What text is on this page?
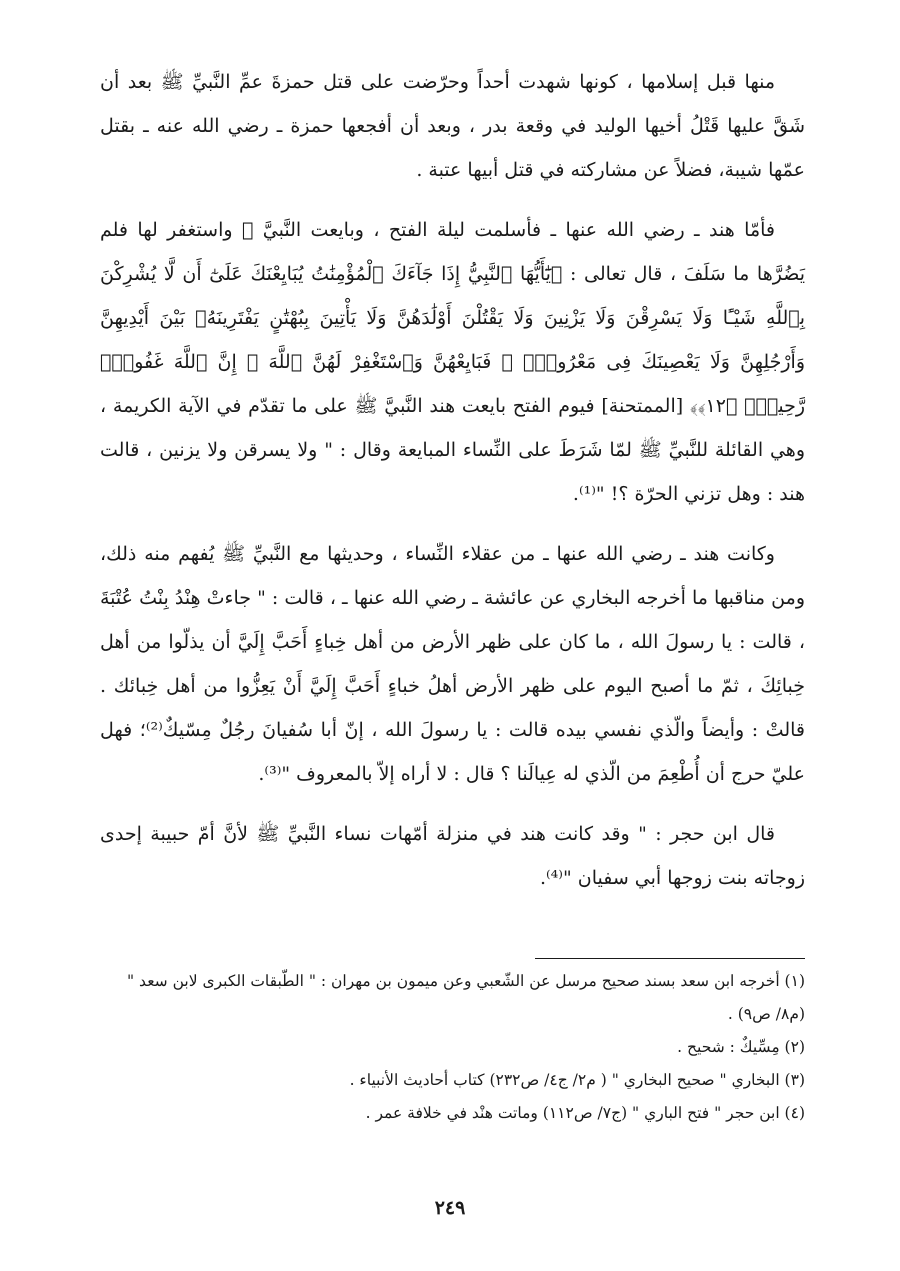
منها قبل إسلامها ، كونها شهدت أحداً وحرّضت على قتل حمزةَ عمِّ النَّبيِّ ﷺ بعد أن شَقَّ عليها قَتْلُ أخيها الوليد في وقعة بدر ، وبعد أن أفجعها حمزة ـ رضي الله عنه ـ بقتل عمّها شيبة، فضلاً عن مشاركته في قتل أبيها عتبة .

فأمّا هند ـ رضي الله عنها ـ فأسلمت ليلة الفتح ، وبايعت النَّبيَّ ﷺ واستغفر لها فلم يَضُرَّها ما سَلَفَ ، قال تعالى : ﴿يَٰٓأَيُّهَا ٱلنَّبِيُّ إِذَا جَآءَكَ ٱلْمُؤْمِنَٰتُ يُبَايِعْنَكَ عَلَىٰٓ أَن لَّا يُشْرِكْنَ بِٱللَّهِ شَيْـًٔا وَلَا يَسْرِقْنَ وَلَا يَزْنِينَ وَلَا يَقْتُلْنَ أَوْلَٰدَهُنَّ وَلَا يَأْتِينَ بِبُهْتَٰنٍ يَفْتَرِينَهُۥ بَيْنَ أَيْدِيهِنَّ وَأَرْجُلِهِنَّ وَلَا يَعْصِينَكَ فِى مَعْرُوفٍۢ ۙ فَبَايِعْهُنَّ وَٱسْتَغْفِرْ لَهُنَّ ٱللَّهَ ۖ إِنَّ ٱللَّهَ غَفُورٌۭ رَّحِيمٌۭ ﴿١٢﴾﴾ [الممتحنة] فيوم الفتح بايعت هند النَّبيَّ ﷺ على ما تقدّم في الآية الكريمة ، وهي القائلة للنَّبيِّ ﷺ لمّا شَرَطَ على النِّساء المبايعة وقال : " ولا يسرقن ولا يزنين ، قالت هند : وهل تزني الحرّة ؟! "⁽¹⁾.

وكانت هند ـ رضي الله عنها ـ من عقلاء النِّساء ، وحديثها مع النَّبيِّ ﷺ يُفهم منه ذلك، ومن مناقبها ما أخرجه البخاري عن عائشة ـ رضي الله عنها ـ ، قالت : " جاءتْ هِنْدُ بِنْتُ عُتْبَةَ ، قالت : يا رسولَ الله ، ما كان على ظهر الأرض من أهل خِباءٍ أَحَبَّ إِلَيَّ أن يذلّوا من أهل خِبائِكَ ، ثمّ ما أصبح اليوم على ظهر الأرض أهلُ خباءٍ أَحَبَّ إِلَيَّ أَنْ يَعِزُّوا من أهل خِبائك . قالتْ : وأيضاً والّذي نفسي بيده قالت : يا رسولَ الله ، إنّ أبا سُفيانَ رجُلٌ مِسّيكٌ⁽²⁾؛ فهل عليّ حرج أن أُطْعِمَ من الّذي له عِيالَنا ؟ قال : لا أراه إلاّ بالمعروف "⁽³⁾.

قال ابن حجر : " وقد كانت هند في منزلة أمّهات نساء النَّبيِّ ﷺ لأنَّ أمّ حبيبة إحدى زوجاته بنت زوجها أبي سفيان "⁽⁴⁾.

(١) أخرجه ابن سعد بسند صحيح مرسل عن الشّعبي وعن ميمون بن مهران : " الطّبقات الكبرى لابن سعد " (م٨/ ص٩) .

(٢) مِسِّيكٌ : شحيح .

(٣) البخاري " صحيح البخاري " ( م٢/ ج٤/ ص٢٣٢) كتاب أحاديث الأنبياء .

(٤) ابن حجر " فتح الباري " (ج٧/ ص١١٢) وماتت هنْد في خلافة عمر .

٢٤٩
